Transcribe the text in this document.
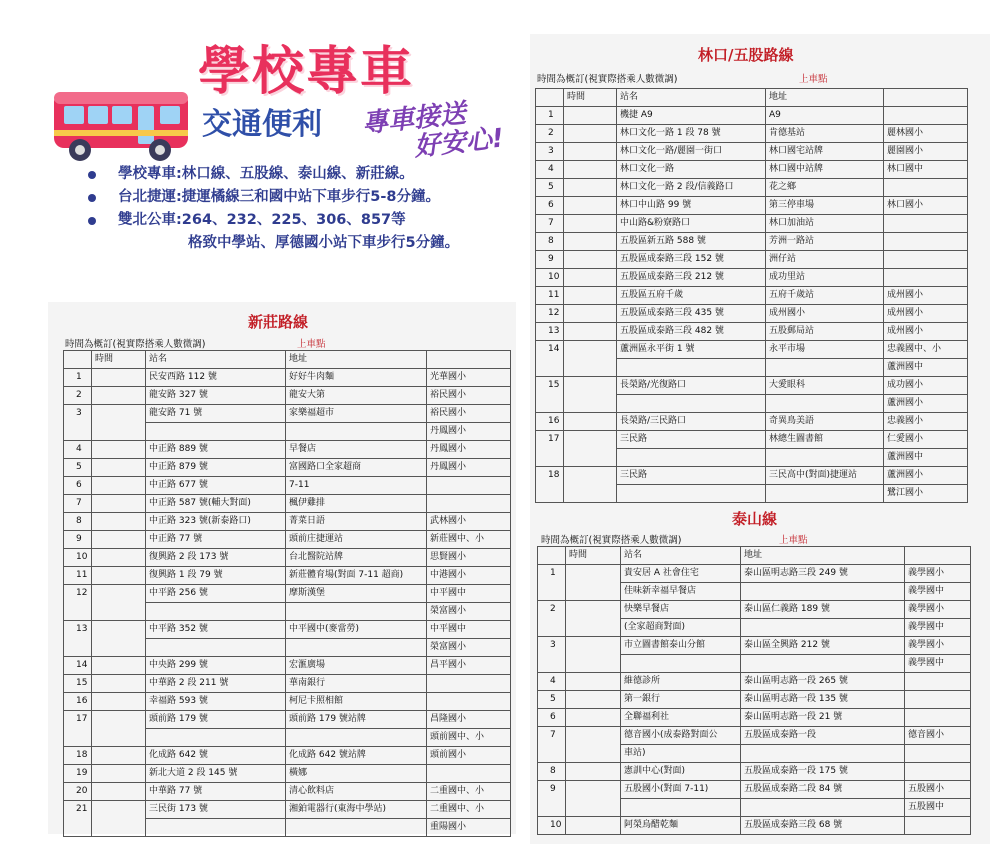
學校專車
交通便利 專車接送
好安心!
學校專車:林口線、五股線、泰山線、新莊線。
台北捷運:捷運橘線三和國中站下車步行5-8分鐘。
雙北公車:264、232、225、306、857等
格致中學站、厚德國小站下車步行5分鐘。
新莊路線
時間為概訂(視實際搭乘人數微調)	上車點
	時間	站名	地址	
1		民安西路 112 號	好好牛肉麵	光華國小
2		龍安路 327 號	龍安大第	裕民國小
3		龍安路 71 號	家樂福超市	裕民國小
				丹鳳國小
4		中正路 889 號	早餐店	丹鳳國小
5		中正路 879 號	富國路口全家超商	丹鳳國小
6		中正路 677 號	7-11	
7		中正路 587 號(輔大對面)	楓伊雞排	
8		中正路 323 號(新泰路口)	菁菜日語	武林國小
9		中正路 77 號	頭前庄捷運站	新莊國中、小
10		復興路 2 段 173 號	台北醫院站牌	思賢國小
11		復興路 1 段 79 號	新莊體育場(對面 7-11 超商)	中港國小
12		中平路 256 號	摩斯漢堡	中平國中
				榮富國小
13		中平路 352 號	中平國中(麥當勞)	中平國中
				榮富國小
14		中央路 299 號	宏滙廣場	昌平國小
15		中華路 2 段 211 號	華南銀行	
16		幸福路 593 號	柯尼卡照相館	
17		頭前路 179 號	頭前路 179 號站牌	昌隆國小
				頭前國中、小
18		化成路 642 號	化成路 642 號站牌	頭前國小
19		新北大道 2 段 145 號	橫娜	
20		中華路 77 號	清心飲料店	二重國中、小
21		三民街 173 號	湘鉑電器行(東海中學站)	二重國中、小
				重陽國小
林口/五股路線
時間為概訂(視實際搭乘人數微調)	上車點
	時間	站名	地址	
1		機捷 A9	A9	
2		林口文化一路 1 段 78 號	肯德基站	麗林國小
3		林口文化一路/麗園一街口	林口國宅站牌	麗園國小
4		林口文化一路	林口國中站牌	林口國中
5		林口文化一路 2 段/信義路口	花之鄉	
6		林口中山路 99 號	第三停車場	林口國小
7		中山路&粉寮路口	林口加油站	
8		五股區新五路 588 號	芳洲一路站	
9		五股區成泰路三段 152 號	洲仔站	
10		五股區成泰路三段 212 號	成功里站	
11		五股區五府千歲	五府千歲站	成州國小
12		五股區成泰路三段 435 號	成州國小	成州國小
13		五股區成泰路三段 482 號	五股郵局站	成州國小
14		蘆洲區永平街 1 號	永平市場	忠義國中、小
				蘆洲國中
15		長榮路/光復路口	大愛眼科	成功國小
				蘆洲國小
16		長榮路/三民路口	奇異鳥美語	忠義國小
17		三民路	林總生圖書館	仁愛國小
				蘆洲國中
18		三民路	三民高中(對面)捷運站	蘆洲國小
				鷺江國小
泰山線
時間為概訂(視實際搭乘人數微調)	上車點
	時間	站名	地址	
1		貴安居 A 社會住宅	泰山區明志路三段 249 號	義學國小
		佳味新幸福早餐店		義學國中
2		快樂早餐店	泰山區仁義路 189 號	義學國小
		(全家超商對面)		義學國中
3		市立圖書館泰山分館	泰山區全興路 212 號	義學國小
				義學國中
4		維德診所	泰山區明志路一段 265 號	
5		第一銀行	泰山區明志路一段 135 號	
6		全聯福利社	泰山區明志路一段 21 號	
7		德音國小(成泰路對面公	五股區成泰路一段	德音國小
		車站)		
8		憲訓中心(對面)	五股區成泰路一段 175 號	
9		五股國小(對面 7-11)	五股區成泰路二段 84 號	五股國小
				五股國中
10		阿榮烏醋乾麵	五股區成泰路三段 68 號	
